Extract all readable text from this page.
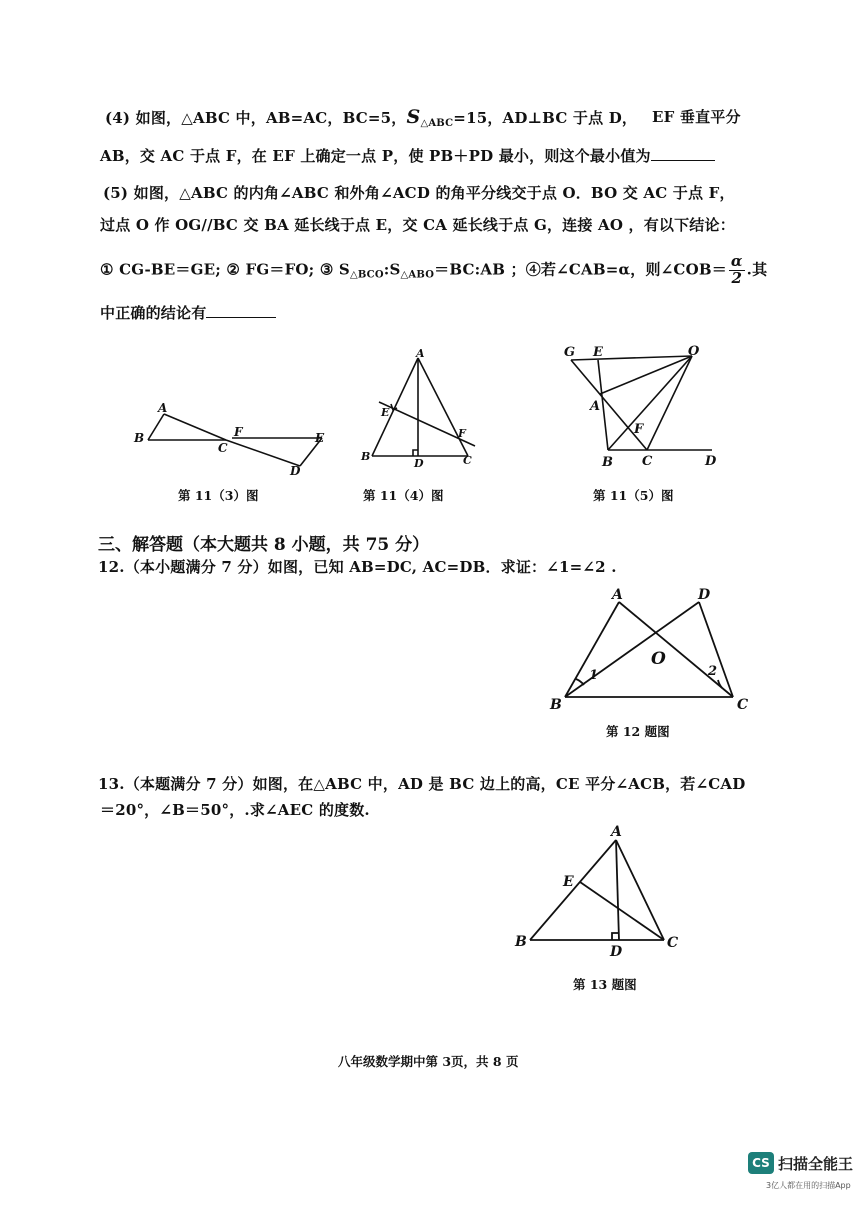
(4) 如图，△ABC 中，AB=AC，BC=5，$S_{\triangle ABC}=15$，AD⊥BC 于点 D， EF 垂直平分
AB，交 AC 于点 F，在 EF 上确定一点 P，使 PB＋PD 最小，则这个最小值为
(5) 如图，△ABC 的内角∠ABC 和外角∠ACD 的角平分线交于点 O．BO 交 AC 于点 F，
过点 O 作 OG//BC 交 BA 延长线于点 E，交 CA 延长线于点 G，连接 AO ，有以下结论：
① CG-BE＝GE; ② FG＝FO; ③ $S_{\triangle BCO}:S_{\triangle ABO}=BC:AB$ ；④若∠CAB=α，则∠COB＝ $\frac{\alpha}{2}$ .其
中正确的结论有
A
B
C
F	E
D
A
E
F
B
D	C
G E	O
A
F
B C	D
第 11（3）图	第 11（4）图	第 11（5）图
三、解答题（本大题共 8 小题，共 75 分）
12.（本小题满分 7 分）如图，已知 AB=DC, AC=DB．求证：∠1=∠2 .
A	D
O
1	2
B	C
第 12 题图
13.（本题满分 7 分）如图，在△ABC 中，AD 是 BC 边上的高，CE 平分∠ACB，若∠CAD
＝20°，∠B＝50°，.求∠AEC 的度数.
A
E
B
D
C
第 13 题图
八年级数学期中第 3页，共 8 页
CS 扫描全能王
3亿人都在用的扫描App
